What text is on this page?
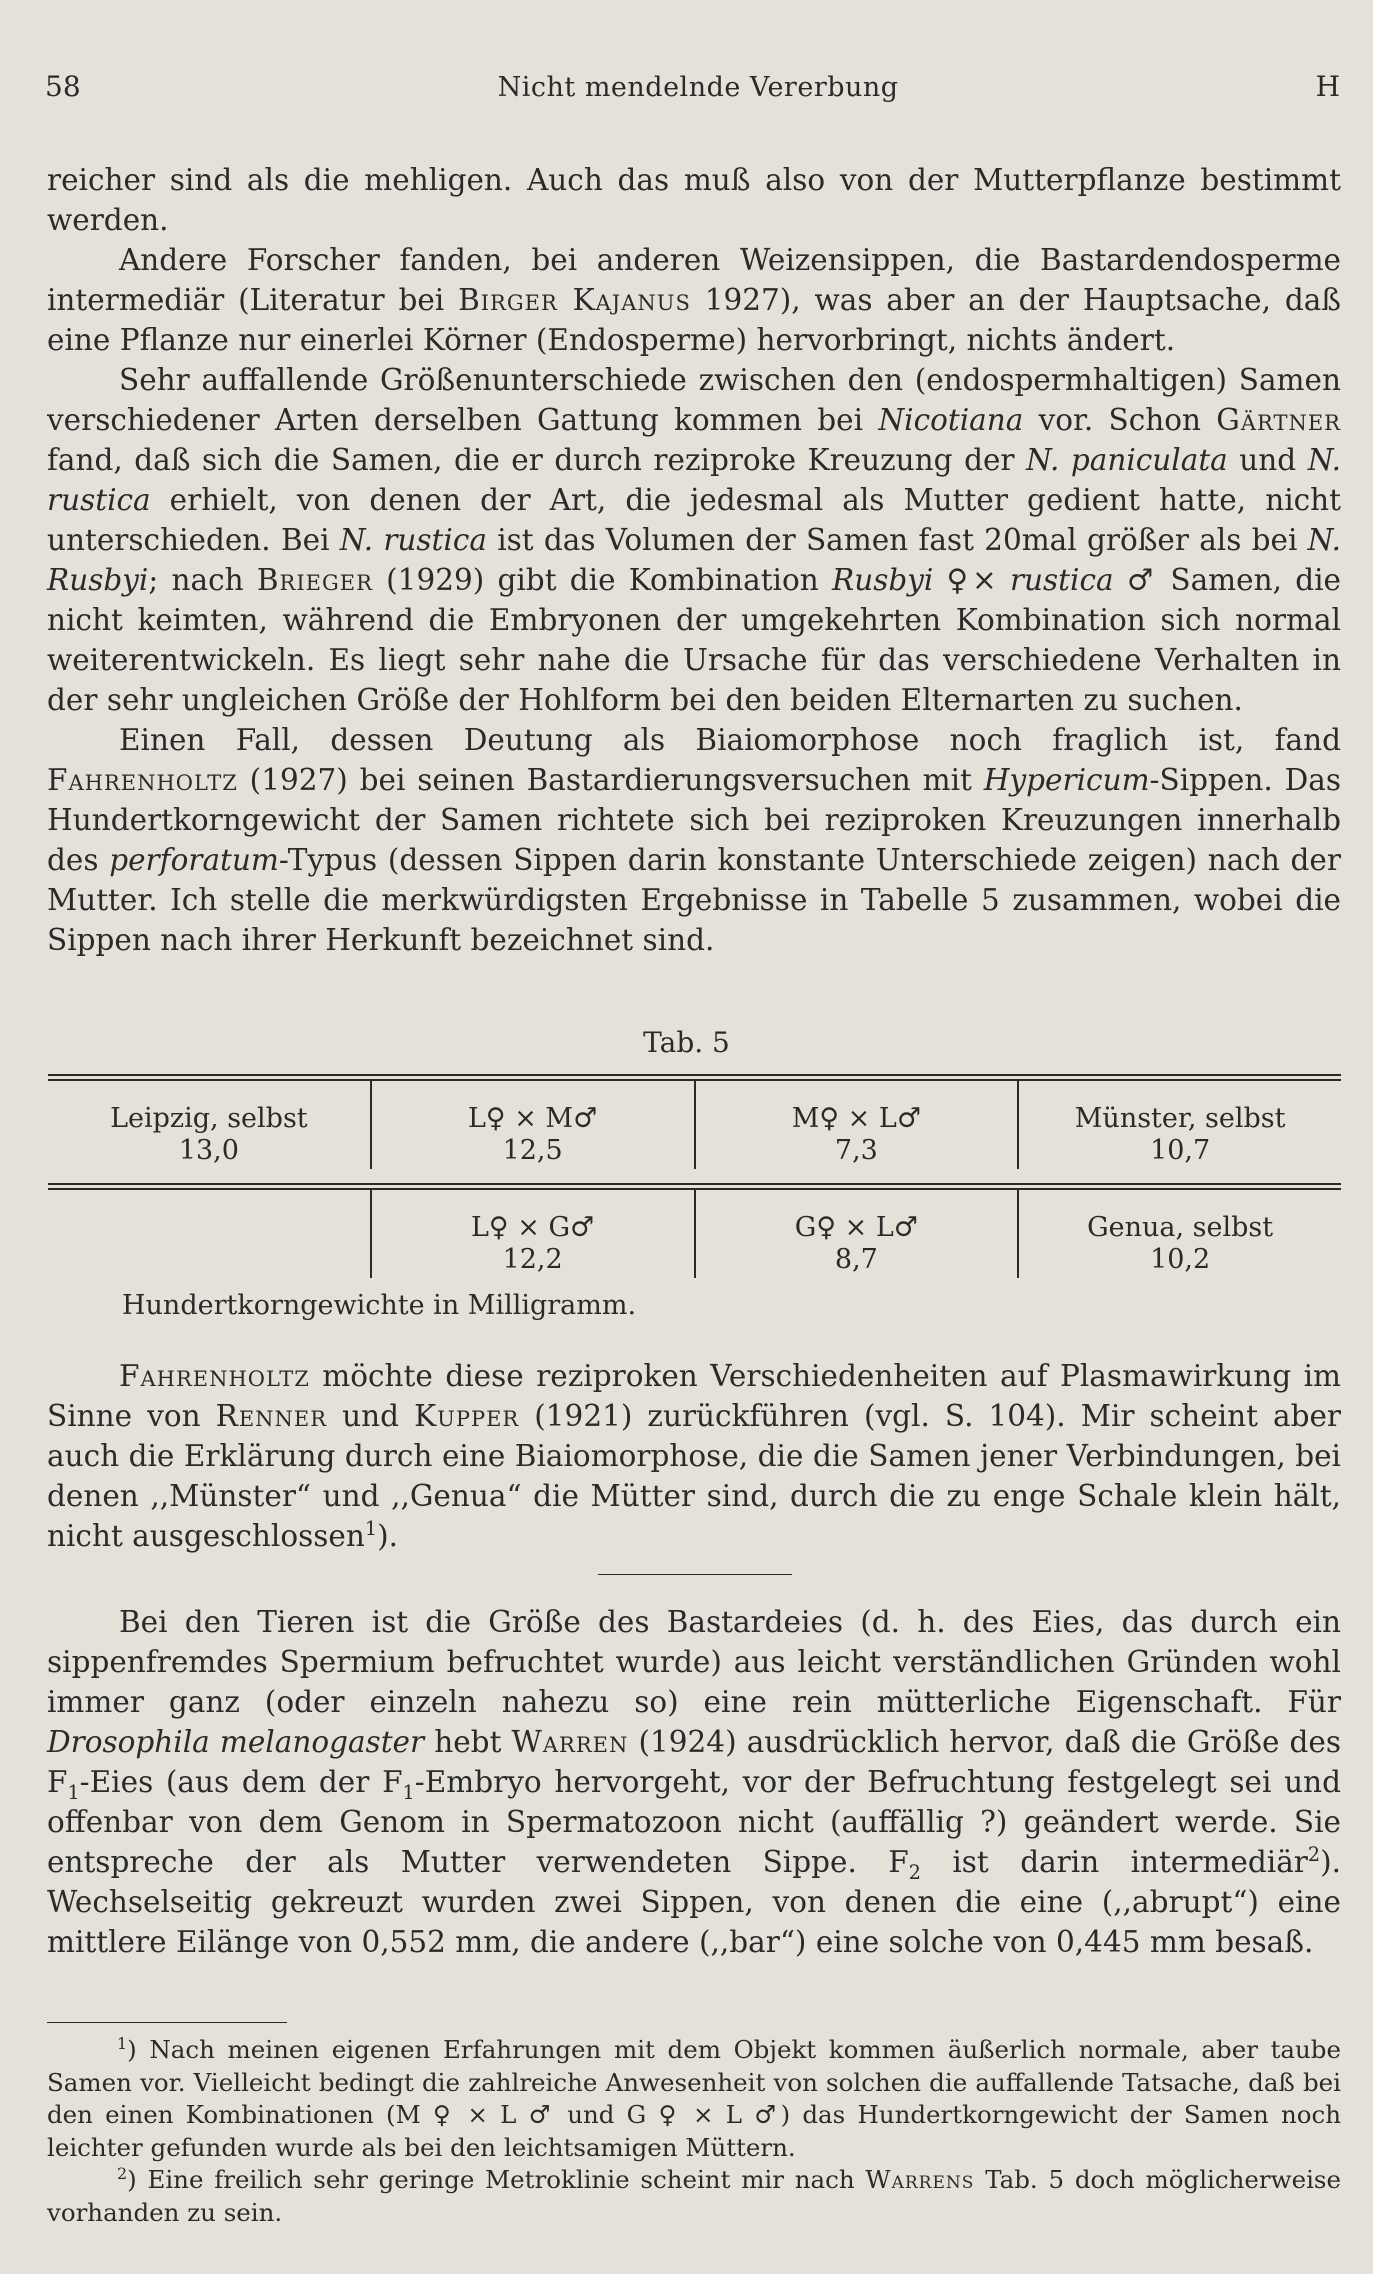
58	Nicht mendelnde Vererbung	H

reicher sind als die mehligen. Auch das muß also von der Mutterpflanze bestimmt werden.

Andere Forscher fanden, bei anderen Weizensippen, die Bastardendosperme intermediär (Literatur bei Birger Kajanus 1927), was aber an der Hauptsache, daß eine Pflanze nur einerlei Körner (Endosperme) hervorbringt, nichts ändert.

Sehr auffallende Größenunterschiede zwischen den (endospermhaltigen) Samen verschiedener Arten derselben Gattung kommen bei Nicotiana vor. Schon Gärtner fand, daß sich die Samen, die er durch reziproke Kreuzung der N. paniculata und N. rustica erhielt, von denen der Art, die jedesmal als Mutter gedient hatte, nicht unterschieden. Bei N. rustica ist das Volumen der Samen fast 20mal größer als bei N. Rusbyi; nach Brieger (1929) gibt die Kombination Rusbyi ♀× rustica ♂ Samen, die nicht keimten, während die Embryonen der umgekehrten Kombination sich normal weiterentwickeln. Es liegt sehr nahe die Ursache für das verschiedene Verhalten in der sehr ungleichen Größe der Hohlform bei den beiden Elternarten zu suchen.

Einen Fall, dessen Deutung als Biaiomorphose noch fraglich ist, fand Fahrenholtz (1927) bei seinen Bastardierungsversuchen mit Hypericum-Sippen. Das Hundertkorngewicht der Samen richtete sich bei reziproken Kreuzungen innerhalb des perforatum-Typus (dessen Sippen darin konstante Unterschiede zeigen) nach der Mutter. Ich stelle die merkwürdigsten Ergebnisse in Tabelle 5 zusammen, wobei die Sippen nach ihrer Herkunft bezeichnet sind.

Tab. 5
Leipzig, selbst
13,0
L♀ × M♂
12,5
M♀ × L♂
7,3
Münster, selbst
10,7
L♀ × G♂
12,2
G♀ × L♂
8,7
Genua, selbst
10,2
Hundertkorngewichte in Milligramm.

Fahrenholtz möchte diese reziproken Verschiedenheiten auf Plasmawirkung im Sinne von Renner und Kupper (1921) zurückführen (vgl. S. 104). Mir scheint aber auch die Erklärung durch eine Biaiomorphose, die die Samen jener Verbindungen, bei denen ,,Münster“ und ,,Genua“ die Mütter sind, durch die zu enge Schale klein hält, nicht ausgeschlossen$^1$).

Bei den Tieren ist die Größe des Bastardeies (d. h. des Eies, das durch ein sippenfremdes Spermium befruchtet wurde) aus leicht verständlichen Gründen wohl immer ganz (oder einzeln nahezu so) eine rein mütterliche Eigenschaft. Für Drosophila melanogaster hebt Warren (1924) ausdrücklich hervor, daß die Größe des $F_1$-Eies (aus dem der $F_1$-Embryo hervorgeht, vor der Befruchtung festgelegt sei und offenbar von dem Genom in Spermatozoon nicht (auffällig ?) geändert werde. Sie entspreche der als Mutter verwendeten Sippe. $F_2$ ist darin intermediär$^2$). Wechselseitig gekreuzt wurden zwei Sippen, von denen die eine (,,abrupt“) eine mittlere Eilänge von 0,552 mm, die andere (,,bar“) eine solche von 0,445 mm besaß.

$^1$) Nach meinen eigenen Erfahrungen mit dem Objekt kommen äußerlich normale, aber taube Samen vor. Vielleicht bedingt die zahlreiche Anwesenheit von solchen die auffallende Tatsache, daß bei den einen Kombinationen (M ♀ × L ♂ und G ♀ × L ♂) das Hundertkorngewicht der Samen noch leichter gefunden wurde als bei den leichtsamigen Müttern.

$^2$) Eine freilich sehr geringe Metroklinie scheint mir nach Warrens Tab. 5 doch möglicherweise vorhanden zu sein.
